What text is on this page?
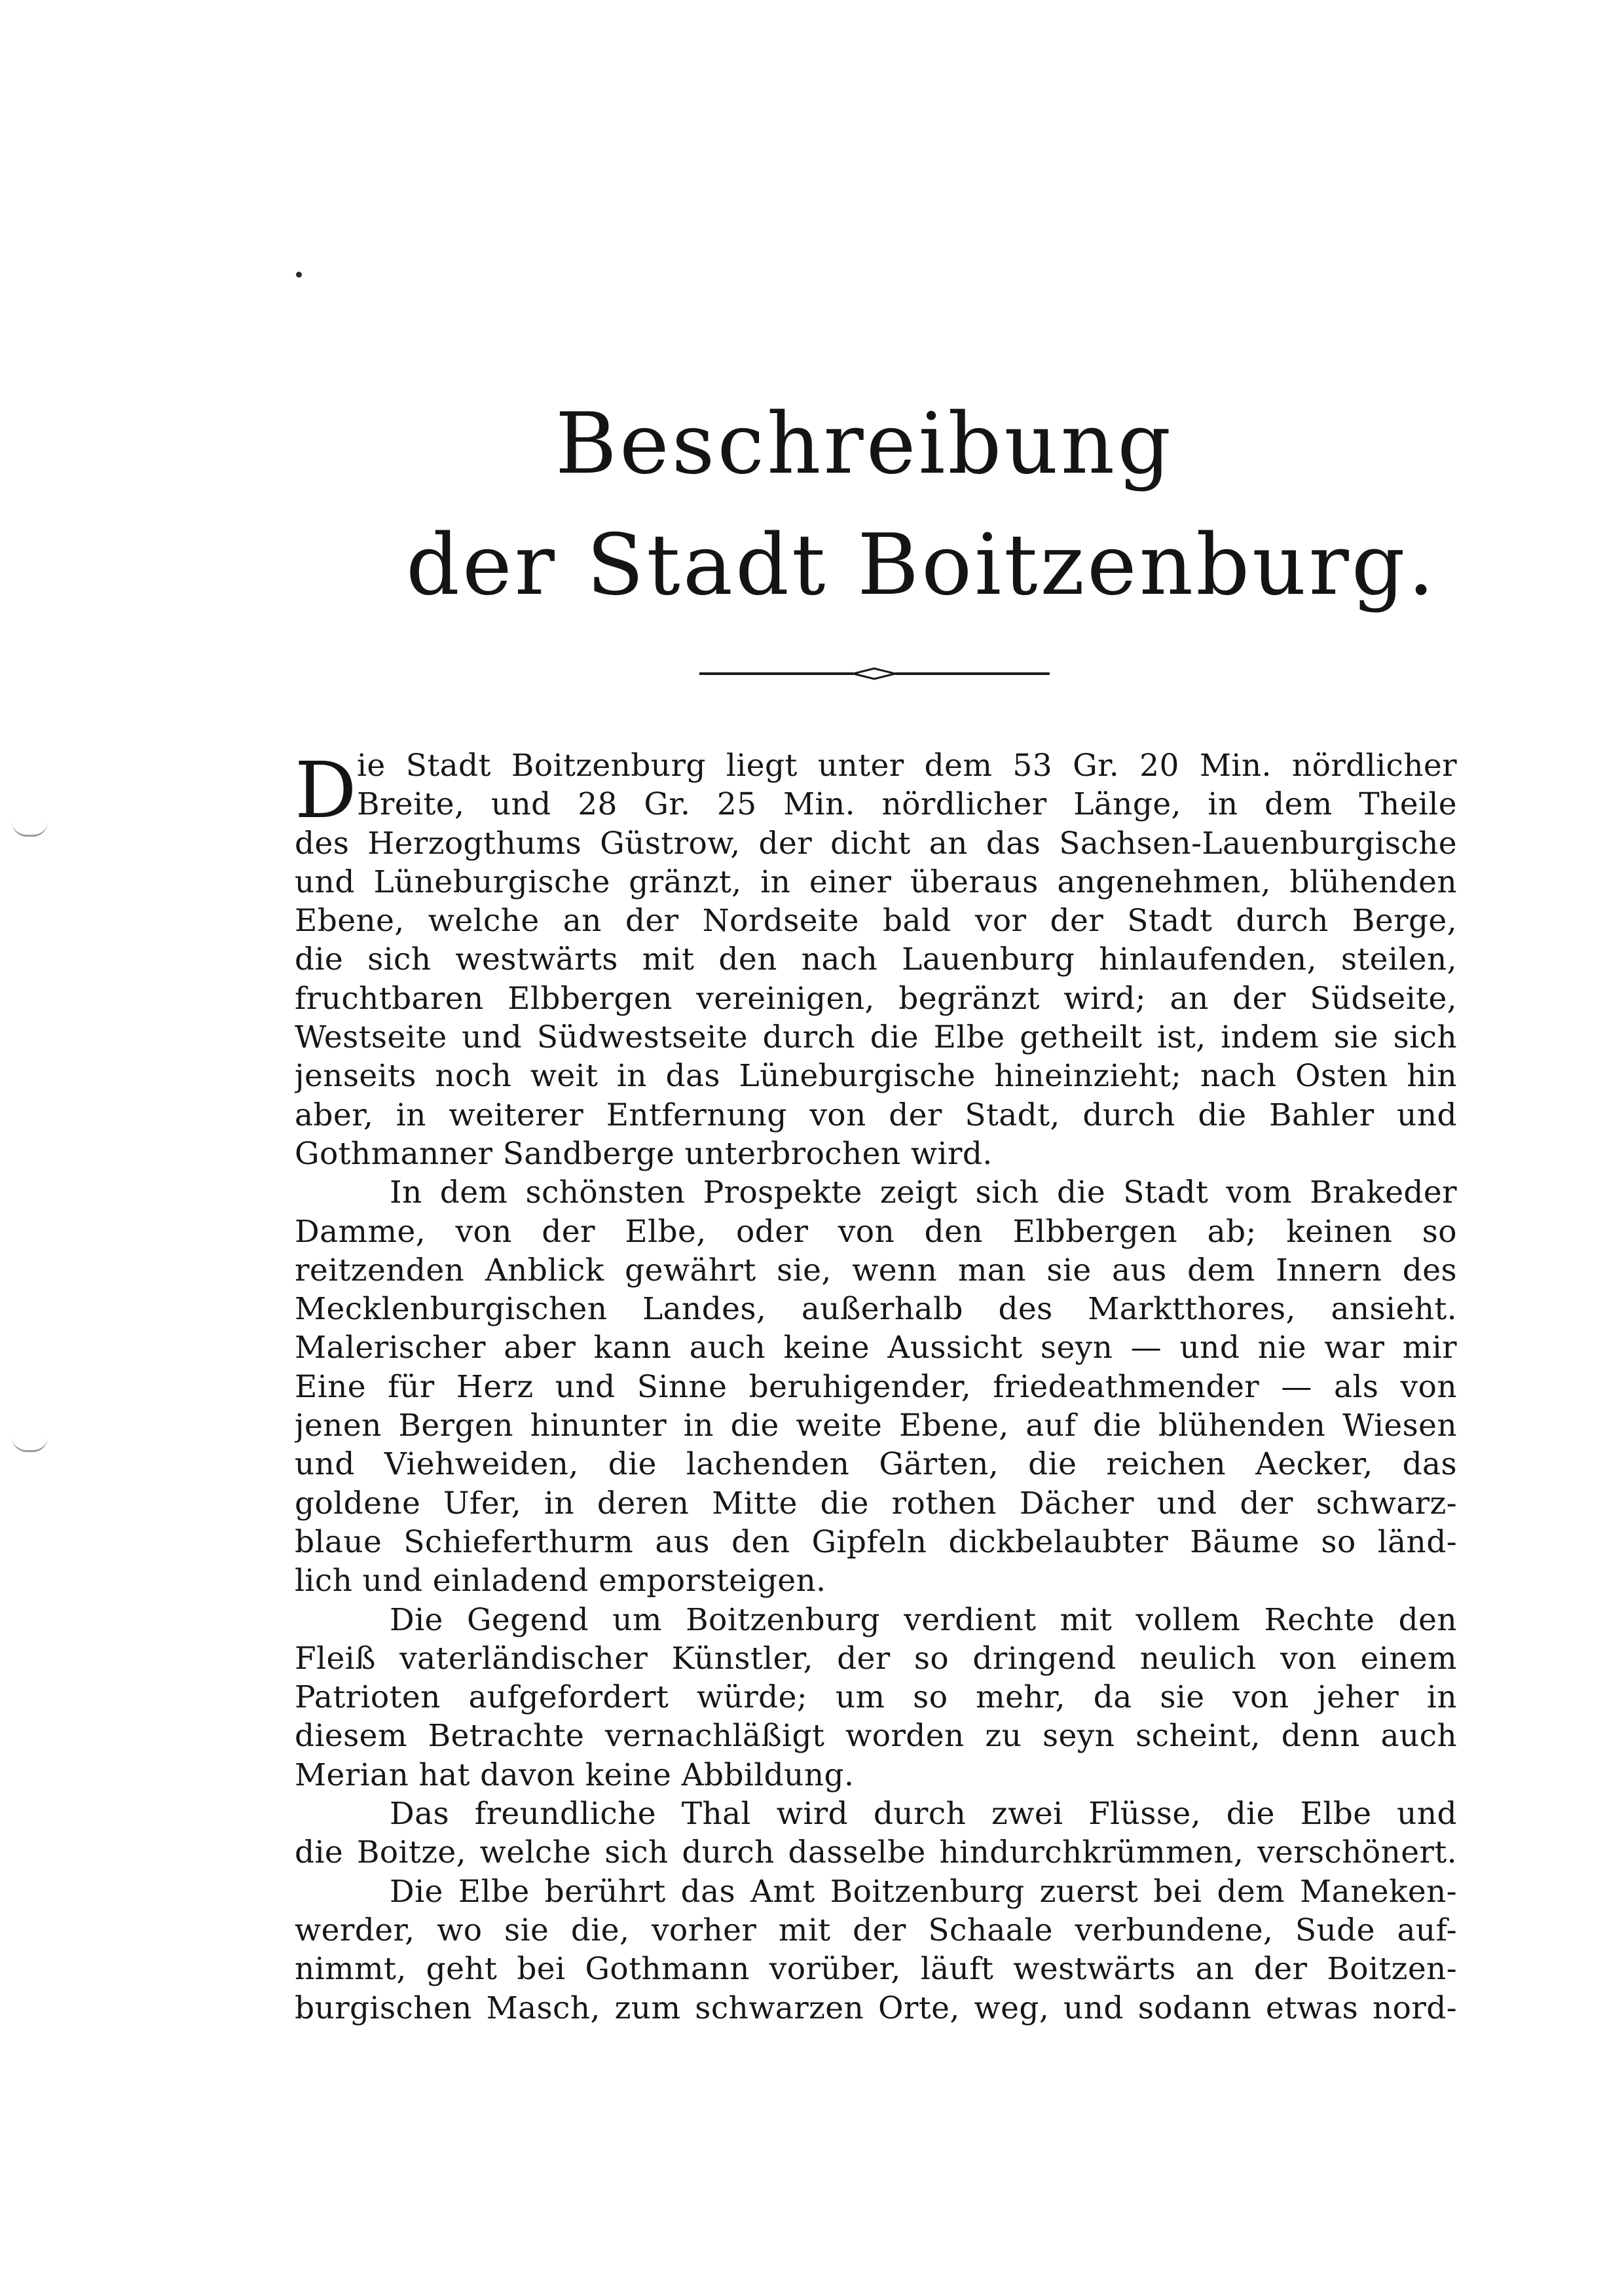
Beschreibung
der Stadt Boitzenburg.
D ie Stadt Boitzenburg liegt unter dem 53 Gr. 20 Min. nördlicher
Breite, und 28 Gr. 25 Min. nördlicher Länge, in dem Theile
des Herzogthums Güstrow, der dicht an das Sachsen-Lauenburgische
und Lüneburgische gränzt, in einer überaus angenehmen, blühenden
Ebene, welche an der Nordseite bald vor der Stadt durch Berge,
die sich westwärts mit den nach Lauenburg hinlaufenden, steilen,
fruchtbaren Elbbergen vereinigen, begränzt wird; an der Südseite,
Westseite und Südwestseite durch die Elbe getheilt ist, indem sie sich
jenseits noch weit in das Lüneburgische hineinzieht; nach Osten hin
aber, in weiterer Entfernung von der Stadt, durch die Bahler und
Gothmanner Sandberge unterbrochen wird.
In dem schönsten Prospekte zeigt sich die Stadt vom Brakeder
Damme, von der Elbe, oder von den Elbbergen ab; keinen so
reitzenden Anblick gewährt sie, wenn man sie aus dem Innern des
Mecklenburgischen Landes, außerhalb des Marktthores, ansieht.
Malerischer aber kann auch keine Aussicht seyn — und nie war mir
Eine für Herz und Sinne beruhigender, friedeathmender — als von
jenen Bergen hinunter in die weite Ebene, auf die blühenden Wiesen
und Viehweiden, die lachenden Gärten, die reichen Aecker, das
goldene Ufer, in deren Mitte die rothen Dächer und der schwarz-
blaue Schieferthurm aus den Gipfeln dickbelaubter Bäume so länd-
lich und einladend emporsteigen.
Die Gegend um Boitzenburg verdient mit vollem Rechte den
Fleiß vaterländischer Künstler, der so dringend neulich von einem
Patrioten aufgefordert würde; um so mehr, da sie von jeher in
diesem Betrachte vernachläßigt worden zu seyn scheint, denn auch
Merian hat davon keine Abbildung.
Das freundliche Thal wird durch zwei Flüsse, die Elbe und
die Boitze, welche sich durch dasselbe hindurchkrümmen, verschönert.
Die Elbe berührt das Amt Boitzenburg zuerst bei dem Maneken-
werder, wo sie die, vorher mit der Schaale verbundene, Sude auf-
nimmt, geht bei Gothmann vorüber, läuft westwärts an der Boitzen-
burgischen Masch, zum schwarzen Orte, weg, und sodann etwas nord-
